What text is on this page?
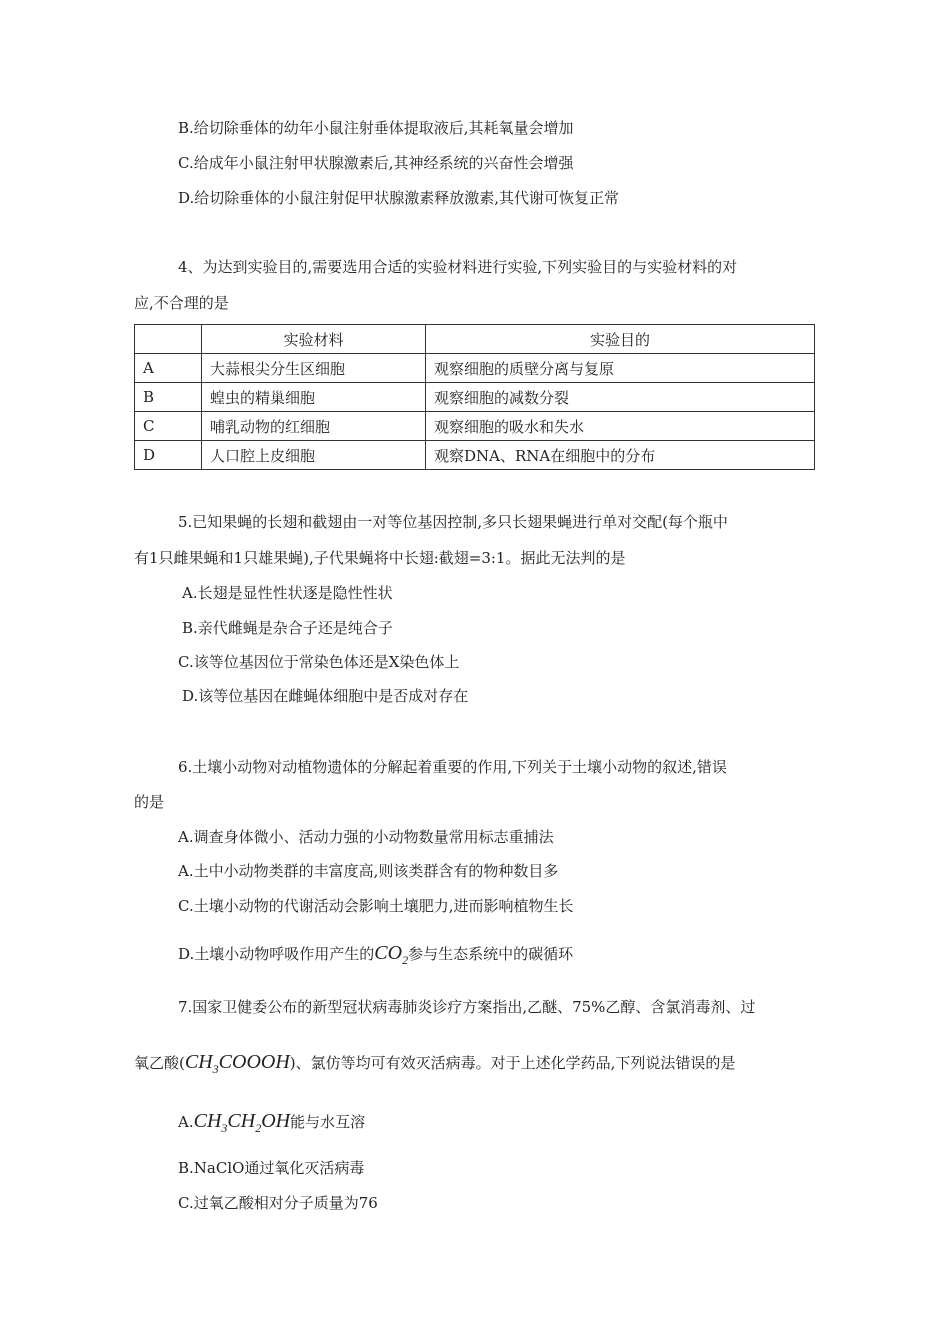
B.给切除垂体的幼年小鼠注射垂体提取液后,其耗氧量会增加
C.给成年小鼠注射甲状腺激素后,其神经系统的兴奋性会增强
D.给切除垂体的小鼠注射促甲状腺激素释放激素,其代谢可恢复正常
4、为达到实验目的,需要选用合适的实验材料进行实验,下列实验目的与实验材料的对
应,不合理的是
	实验材料	实验目的
A	大蒜根尖分生区细胞	观察细胞的质壁分离与复原
B	蝗虫的精巢细胞	观察细胞的减数分裂
C	哺乳动物的红细胞	观察细胞的吸水和失水
D	人口腔上皮细胞	观察DNA、RNA在细胞中的分布
5.已知果蝇的长翅和截翅由一对等位基因控制,多只长翅果蝇进行单对交配(每个瓶中
有1只雌果蝇和1只雄果蝇),子代果蝇将中长翅:截翅=3:1。据此无法判的是
A.长翅是显性性状逐是隐性性状
B.亲代雌蝇是杂合子还是纯合子
C.该等位基因位于常染色体还是X染色体上
D.该等位基因在雌蝇体细胞中是否成对存在
6.土壤小动物对动植物遗体的分解起着重要的作用,下列关于土壤小动物的叙述,错误
的是
A.调查身体微小、活动力强的小动物数量常用标志重捕法
A.土中小动物类群的丰富度高,则该类群含有的物种数目多
C.土壤小动物的代谢活动会影响土壤肥力,进而影响植物生长
D.土壤小动物呼吸作用产生的$CO_2$参与生态系统中的碳循环
7.国家卫健委公布的新型冠状病毒肺炎诊疗方案指出,乙醚、75%乙醇、含氯消毒剂、过
氧乙酸$(CH_3COOOH)$、氯仿等均可有效灭活病毒。对于上述化学药品,下列说法错误的是
$A.CH_3CH_2OH$能与水互溶
B.NaClO通过氧化灭活病毒
C.过氧乙酸相对分子质量为76
